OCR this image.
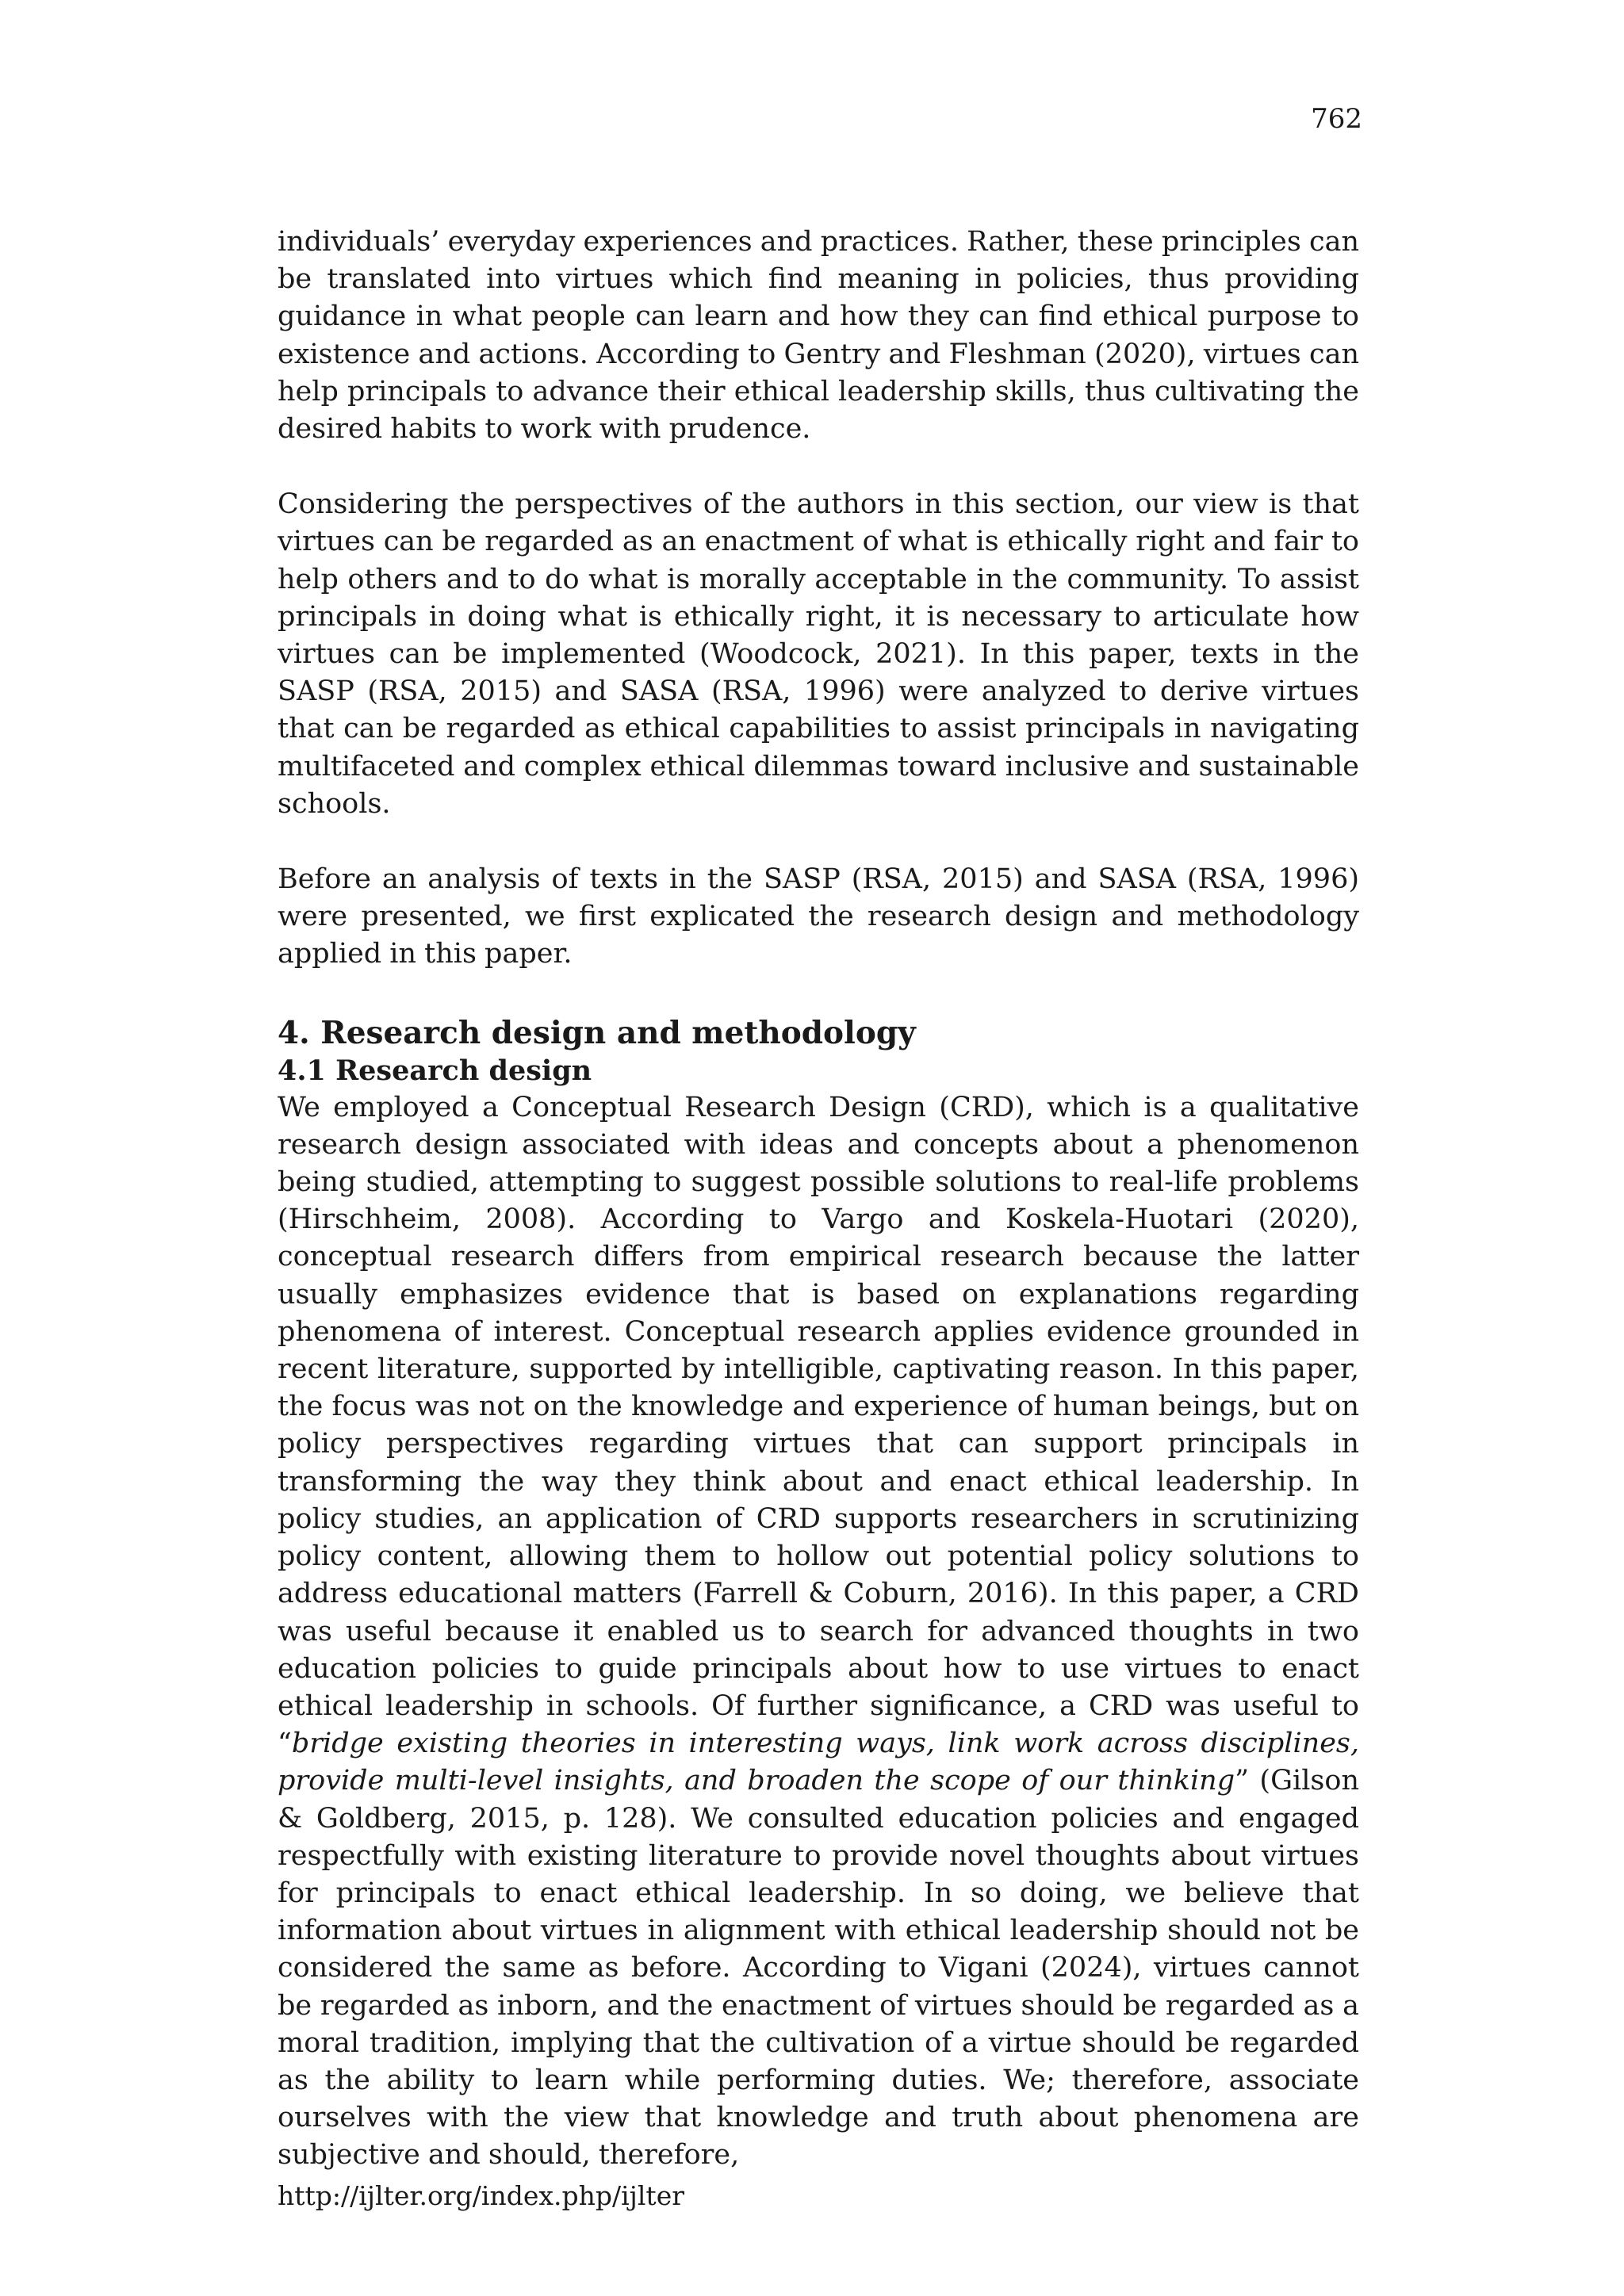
762

individuals’ everyday experiences and practices. Rather, these principles can be translated into virtues which find meaning in policies, thus providing guidance in what people can learn and how they can find ethical purpose to existence and actions. According to Gentry and Fleshman (2020), virtues can help principals to advance their ethical leadership skills, thus cultivating the desired habits to work with prudence.

Considering the perspectives of the authors in this section, our view is that virtues can be regarded as an enactment of what is ethically right and fair to help others and to do what is morally acceptable in the community. To assist principals in doing what is ethically right, it is necessary to articulate how virtues can be implemented (Woodcock, 2021). In this paper, texts in the SASP (RSA, 2015) and SASA (RSA, 1996) were analyzed to derive virtues that can be regarded as ethical capabilities to assist principals in navigating multifaceted and complex ethical dilemmas toward inclusive and sustainable schools.

Before an analysis of texts in the SASP (RSA, 2015) and SASA (RSA, 1996) were presented, we first explicated the research design and methodology applied in this paper.

4. Research design and methodology
4.1 Research design

We employed a Conceptual Research Design (CRD), which is a qualitative research design associated with ideas and concepts about a phenomenon being studied, attempting to suggest possible solutions to real-life problems (Hirschheim, 2008). According to Vargo and Koskela-Huotari (2020), conceptual research differs from empirical research because the latter usually emphasizes evidence that is based on explanations regarding phenomena of interest. Conceptual research applies evidence grounded in recent literature, supported by intelligible, captivating reason. In this paper, the focus was not on the knowledge and experience of human beings, but on policy perspectives regarding virtues that can support principals in transforming the way they think about and enact ethical leadership. In policy studies, an application of CRD supports researchers in scrutinizing policy content, allowing them to hollow out potential policy solutions to address educational matters (Farrell & Coburn, 2016). In this paper, a CRD was useful because it enabled us to search for advanced thoughts in two education policies to guide principals about how to use virtues to enact ethical leadership in schools. Of further significance, a CRD was useful to “bridge existing theories in interesting ways, link work across disciplines, provide multi-level insights, and broaden the scope of our thinking” (Gilson & Goldberg, 2015, p. 128). We consulted education policies and engaged respectfully with existing literature to provide novel thoughts about virtues for principals to enact ethical leadership. In so doing, we believe that information about virtues in alignment with ethical leadership should not be considered the same as before. According to Vigani (2024), virtues cannot be regarded as inborn, and the enactment of virtues should be regarded as a moral tradition, implying that the cultivation of a virtue should be regarded as the ability to learn while performing duties. We; therefore, associate ourselves with the view that knowledge and truth about phenomena are subjective and should, therefore,

http://ijlter.org/index.php/ijlter
